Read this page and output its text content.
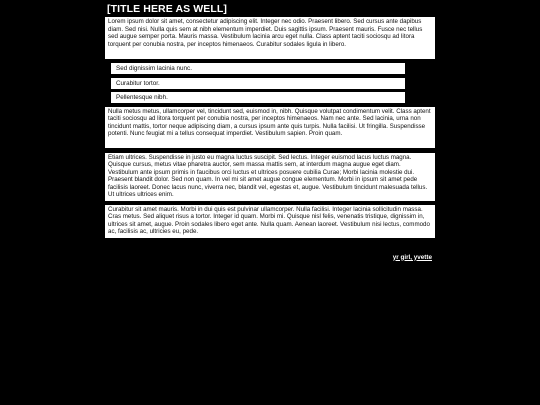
[TITLE HERE AS WELL]
Lorem ipsum dolor sit amet, consectetur adipiscing elit. Integer nec odio. Praesent libero. Sed cursus ante dapibus diam. Sed nisi. Nulla quis sem at nibh elementum imperdiet. Duis sagittis ipsum. Praesent mauris. Fusce nec tellus sed augue semper porta. Mauris massa. Vestibulum lacinia arcu eget nulla. Class aptent taciti sociosqu ad litora torquent per conubia nostra, per inceptos himenaeos. Curabitur sodales ligula in libero.
Sed dignissim lacinia nunc.
Curabitur tortor.
Pellentesque nibh.
Nulla metus metus, ullamcorper vel, tincidunt sed, euismod in, nibh. Quisque volutpat condimentum velit. Class aptent taciti sociosqu ad litora torquent per conubia nostra, per inceptos himenaeos. Nam nec ante. Sed lacinia, urna non tincidunt mattis, tortor neque adipiscing diam, a cursus ipsum ante quis turpis. Nulla facilisi. Ut fringilla. Suspendisse potenti. Nunc feugiat mi a tellus consequat imperdiet. Vestibulum sapien. Proin quam.
Etiam ultrices. Suspendisse in justo eu magna luctus suscipit. Sed lectus. Integer euismod lacus luctus magna. Quisque cursus, metus vitae pharetra auctor, sem massa mattis sem, at interdum magna augue eget diam. Vestibulum ante ipsum primis in faucibus orci luctus et ultrices posuere cubilia Curae; Morbi lacinia molestie dui. Praesent blandit dolor. Sed non quam. In vel mi sit amet augue congue elementum. Morbi in ipsum sit amet pede facilisis laoreet. Donec lacus nunc, viverra nec, blandit vel, egestas et, augue. Vestibulum tincidunt malesuada tellus. Ut ultrices ultrices enim.
Curabitur sit amet mauris. Morbi in dui quis est pulvinar ullamcorper. Nulla facilisi. Integer lacinia sollicitudin massa. Cras metus. Sed aliquet risus a tortor. Integer id quam. Morbi mi. Quisque nisl felis, venenatis tristique, dignissim in, ultrices sit amet, augue. Proin sodales libero eget ante. Nulla quam. Aenean laoreet. Vestibulum nisi lectus, commodo ac, facilisis ac, ultricies eu, pede.
yr girl, yvette
